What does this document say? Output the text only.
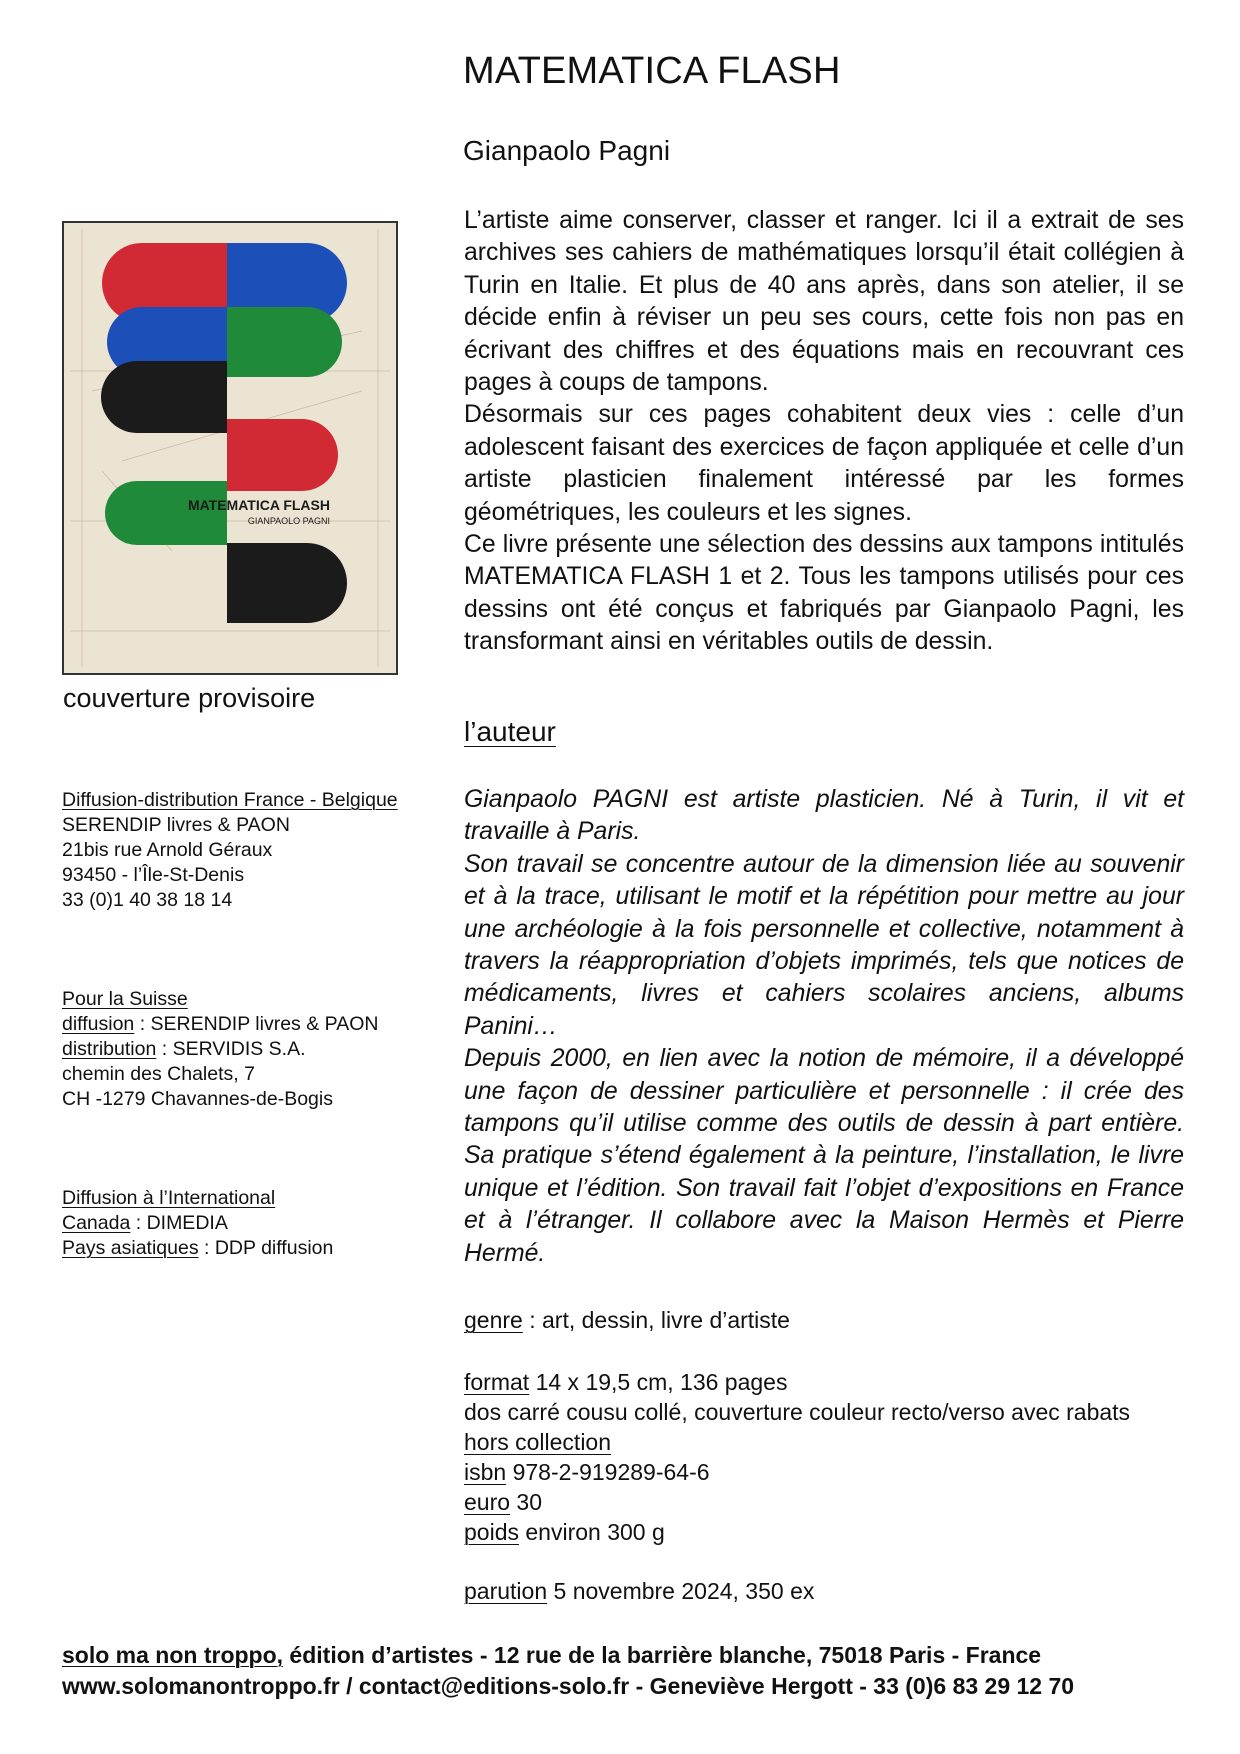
MATEMATICA FLASH
Gianpaolo Pagni
MATEMATICA FLASH
GIANPAOLO PAGNI
couverture provisoire

L’artiste aime conserver, classer et ranger. Ici il a extrait de ses archives ses cahiers de mathématiques lorsqu’il était collégien à Turin en Italie. Et plus de 40 ans après, dans son atelier, il se décide enfin à réviser un peu ses cours, cette fois non pas en écrivant des chiffres et des équations mais en recouvrant ces pages à coups de tampons.

Désormais sur ces pages cohabitent deux vies : celle d’un adolescent faisant des exercices de façon appliquée et celle d’un artiste plasticien finalement intéressé par les formes géométriques, les couleurs et les signes.

Ce livre présente une sélection des dessins aux tampons intitulés MATEMATICA FLASH 1 et 2. Tous les tampons utilisés pour ces dessins ont été conçus et fabriqués par Gianpaolo Pagni, les transformant ainsi en véritables outils de dessin.

l’auteur

Gianpaolo PAGNI est artiste plasticien. Né à Turin, il vit et travaille à Paris.

Son travail se concentre autour de la dimension liée au souvenir et à la trace, utilisant le motif et la répétition pour mettre au jour une archéologie à la fois personnelle et collective, notamment à travers la réappropriation d’objets imprimés, tels que notices de médicaments, livres et cahiers scolaires anciens, albums Panini…

Depuis 2000, en lien avec la notion de mémoire, il a développé une façon de dessiner particulière et personnelle : il crée des tampons qu’il utilise comme des outils de dessin à part entière. Sa pratique s’étend également à la peinture, l’installation, le livre unique et l’édition. Son travail fait l’objet d’expositions en France et à l’étranger. Il collabore avec la Maison Hermès et Pierre Hermé.

Diffusion-distribution France - Belgique
SERENDIP livres & PAON
21bis rue Arnold Géraux
93450 - l’Île-St-Denis
33 (0)1 40 38 18 14
Pour la Suisse
diffusion : SERENDIP livres & PAON
distribution : SERVIDIS S.A.
chemin des Chalets, 7
CH -1279 Chavannes-de-Bogis
Diffusion à l’International
Canada : DIMEDIA
Pays asiatiques : DDP diffusion
genre : art, dessin, livre d’artiste
format 14 x 19,5 cm, 136 pages
dos carré cousu collé, couverture couleur recto/verso avec rabats
hors collection
isbn 978-2-919289-64-6
euro 30
poids environ 300 g
parution 5 novembre 2024, 350 ex
solo ma non troppo, édition d’artistes - 12 rue de la barrière blanche, 75018 Paris - France
www.solomanontroppo.fr / contact@editions-solo.fr - Geneviève Hergott - 33 (0)6 83 29 12 70
